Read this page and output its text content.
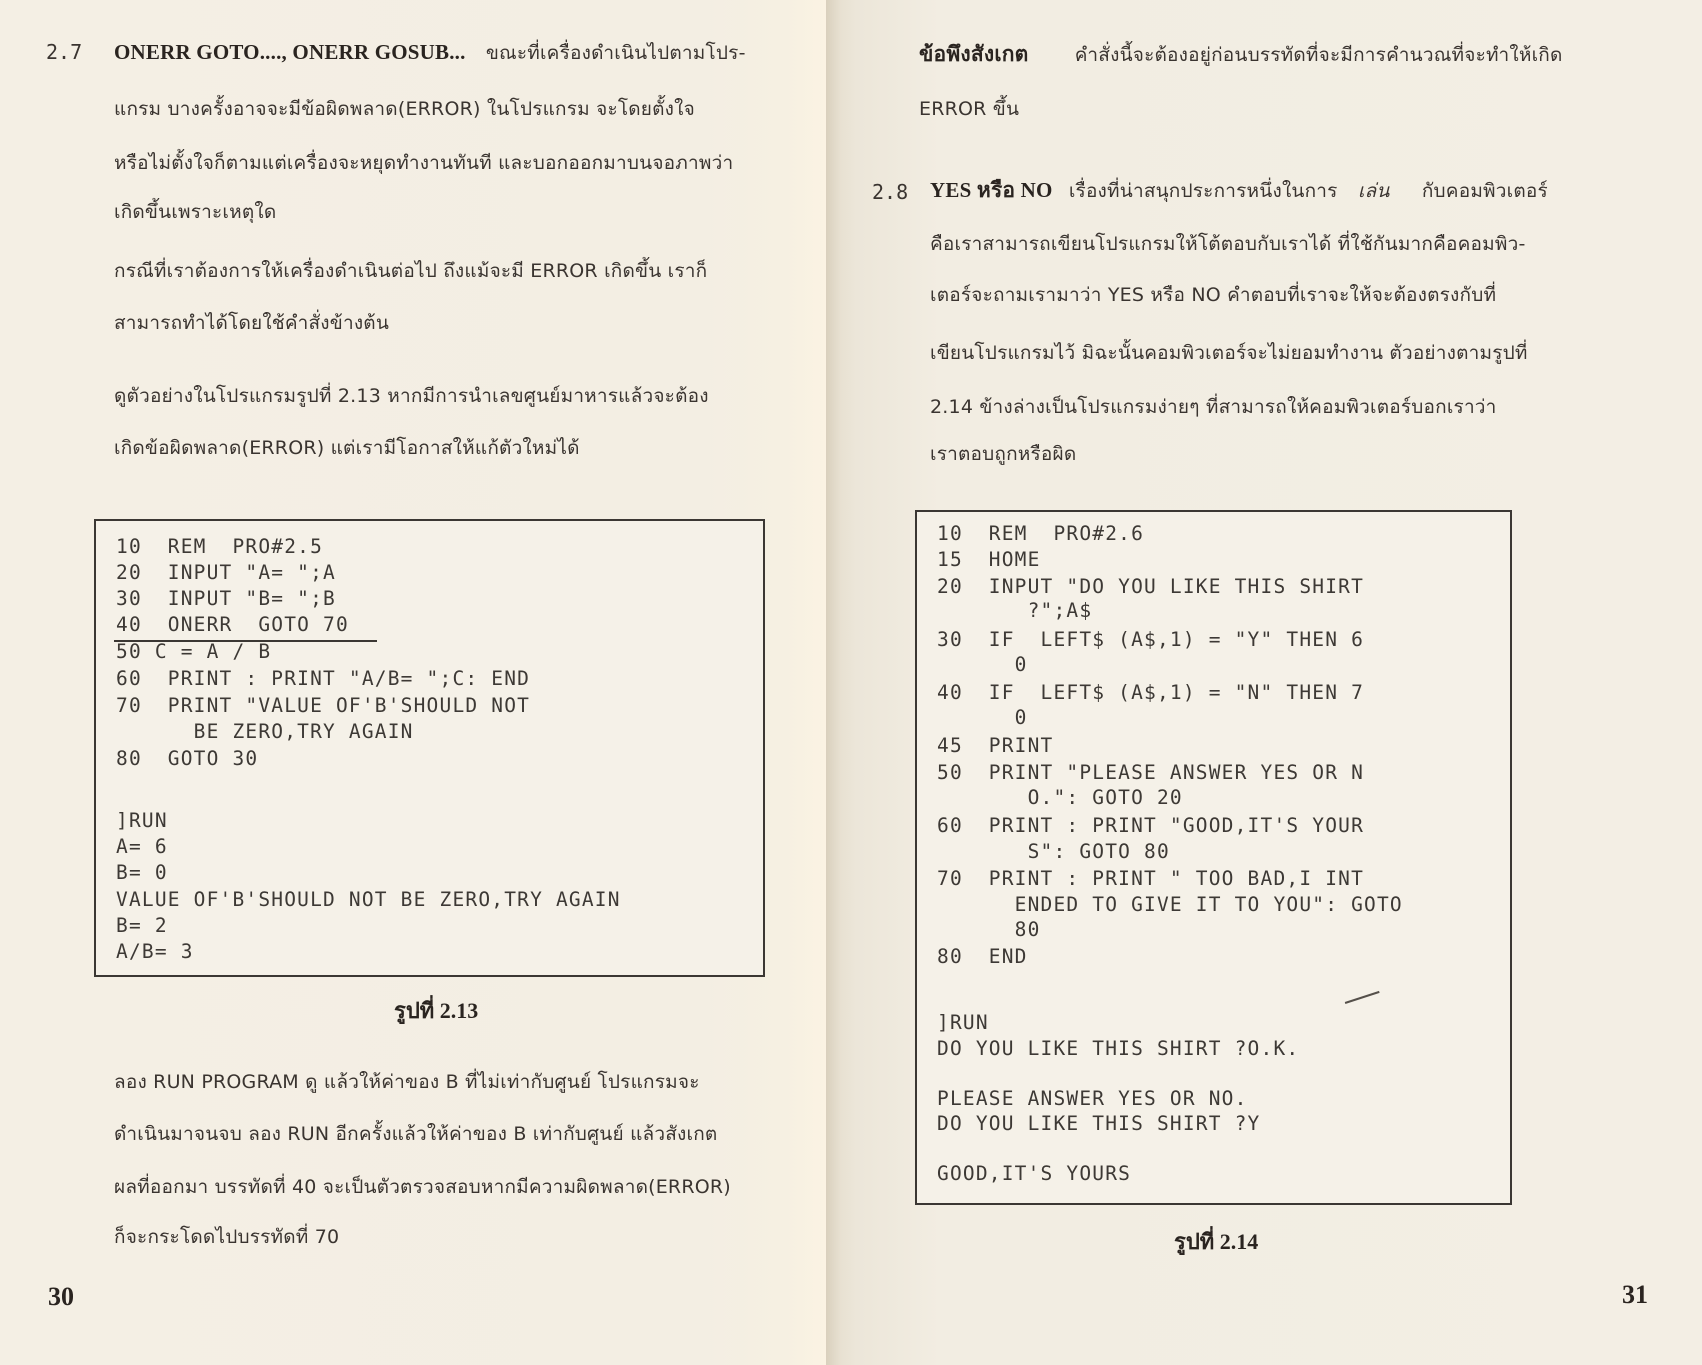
2.7 ONERR GOTO...., ONERR GOSUB... ขณะที่เครื่องดำเนินไปตามโปร-
แกรม บางครั้งอาจจะมีข้อผิดพลาด(ERROR) ในโปรแกรม จะโดยตั้งใจ
หรือไม่ตั้งใจก็ตามแต่เครื่องจะหยุดทำงานทันที และบอกออกมาบนจอภาพว่า
เกิดขึ้นเพราะเหตุใด
กรณีที่เราต้องการให้เครื่องดำเนินต่อไป ถึงแม้จะมี ERROR เกิดขึ้น เราก็
สามารถทำได้โดยใช้คำสั่งข้างต้น
ดูตัวอย่างในโปรแกรมรูปที่ 2.13 หากมีการนำเลขศูนย์มาหารแล้วจะต้อง
เกิดข้อผิดพลาด(ERROR) แต่เรามีโอกาสให้แก้ตัวใหม่ได้
10  REM  PRO#2.5
20  INPUT "A= ";A
30  INPUT "B= ";B
40  ONERR  GOTO 70
50 C = A / B
60  PRINT : PRINT "A/B= ";C: END
70  PRINT "VALUE OF'B'SHOULD NOT
BE ZERO,TRY AGAIN
80  GOTO 30
]RUN
A= 6
B= 0
VALUE OF'B'SHOULD NOT BE ZERO,TRY AGAIN
B= 2
A/B= 3
รูปที่ 2.13
ลอง RUN PROGRAM ดู แล้วให้ค่าของ B ที่ไม่เท่ากับศูนย์ โปรแกรมจะ
ดำเนินมาจนจบ ลอง RUN อีกครั้งแล้วให้ค่าของ B เท่ากับศูนย์ แล้วสังเกต
ผลที่ออกมา บรรทัดที่ 40 จะเป็นตัวตรวจสอบหากมีความผิดพลาด(ERROR)
ก็จะกระโดดไปบรรทัดที่ 70
30
ข้อพึงสังเกต คำสั่งนี้จะต้องอยู่ก่อนบรรทัดที่จะมีการคำนวณที่จะทำให้เกิด
ERROR ขึ้น
2.8 YES หรือ NO เรื่องที่น่าสนุกประการหนึ่งในการ เล่น กับคอมพิวเตอร์
คือเราสามารถเขียนโปรแกรมให้โต้ตอบกับเราได้ ที่ใช้กันมากคือคอมพิว-
เตอร์จะถามเรามาว่า YES หรือ NO คำตอบที่เราจะให้จะต้องตรงกับที่
เขียนโปรแกรมไว้ มิฉะนั้นคอมพิวเตอร์จะไม่ยอมทำงาน ตัวอย่างตามรูปที่
2.14 ข้างล่างเป็นโปรแกรมง่ายๆ ที่สามารถให้คอมพิวเตอร์บอกเราว่า
เราตอบถูกหรือผิด
10  REM  PRO#2.6
15  HOME
20  INPUT "DO YOU LIKE THIS SHIRT
?";A$
30  IF  LEFT$ (A$,1) = "Y" THEN 6
0
40  IF  LEFT$ (A$,1) = "N" THEN 7
0
45  PRINT
50  PRINT "PLEASE ANSWER YES OR N
O.": GOTO 20
60  PRINT : PRINT "GOOD,IT'S YOUR
S": GOTO 80
70  PRINT : PRINT " TOO BAD,I INT
ENDED TO GIVE IT TO YOU": GOTO
80
80  END
]RUN
DO YOU LIKE THIS SHIRT ?O.K.
PLEASE ANSWER YES OR NO.
DO YOU LIKE THIS SHIRT ?Y
GOOD,IT'S YOURS
รูปที่ 2.14
31
